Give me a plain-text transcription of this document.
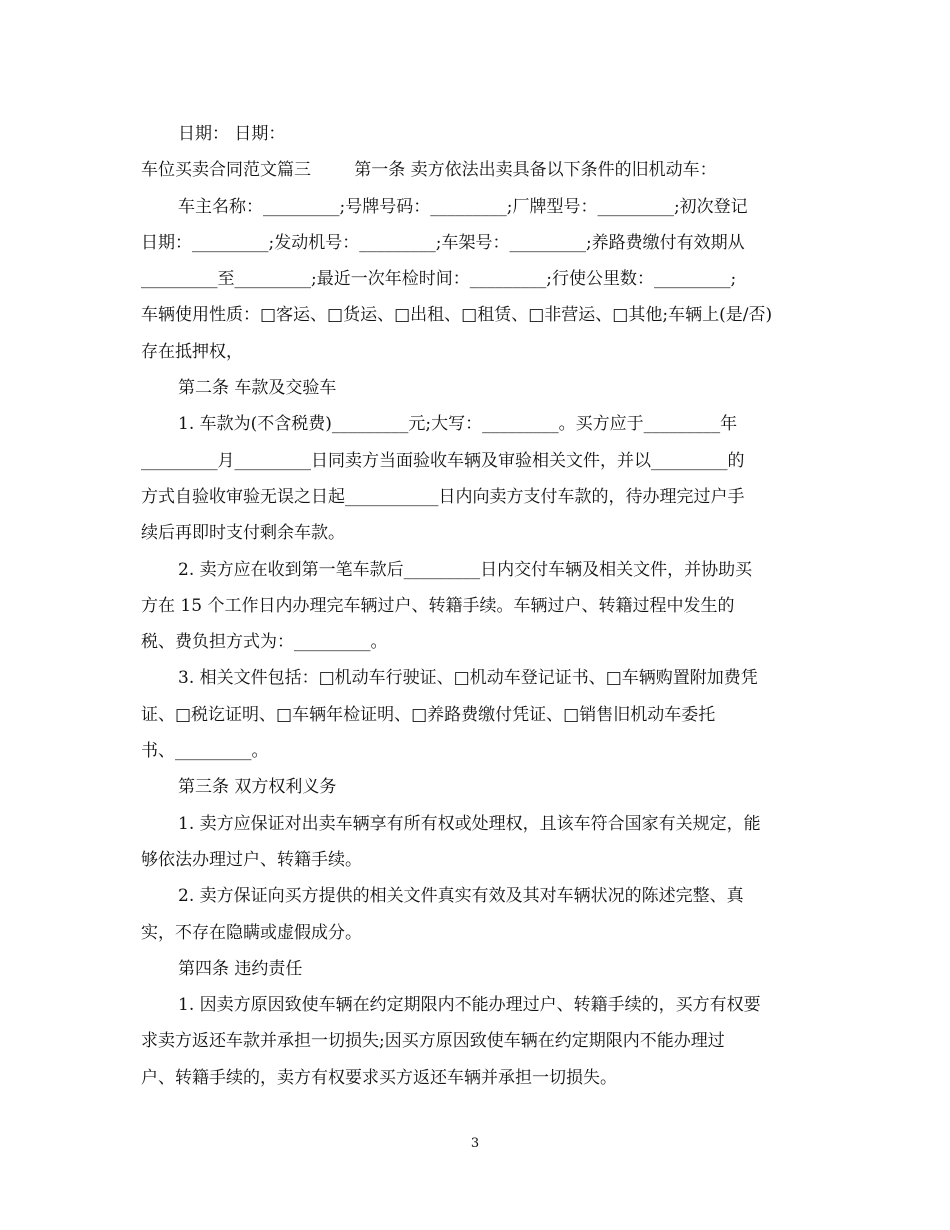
日期： 日期：
车位买卖合同范文篇三        第一条 卖方依法出卖具备以下条件的旧机动车：
车主名称：_________;号牌号码：_________;厂牌型号：_________;初次登记
日期：_________;发动机号：_________;车架号：_________;养路费缴付有效期从
_________至_________;最近一次年检时间：_________;行使公里数：_________;
车辆使用性质：□客运、□货运、□出租、□租赁、□非营运、□其他;车辆上(是/否)
存在抵押权，
第二条 车款及交验车
1. 车款为(不含税费)_________元;大写：_________。买方应于_________年
_________月_________日同卖方当面验收车辆及审验相关文件，并以_________的
方式自验收审验无误之日起___________日内向卖方支付车款的，待办理完过户手
续后再即时支付剩余车款。
2. 卖方应在收到第一笔车款后_________日内交付车辆及相关文件，并协助买
方在 15 个工作日内办理完车辆过户、转籍手续。车辆过户、转籍过程中发生的
税、费负担方式为：_________。
3. 相关文件包括：□机动车行驶证、□机动车登记证书、□车辆购置附加费凭
证、□税讫证明、□车辆年检证明、□养路费缴付凭证、□销售旧机动车委托
书、_________。
第三条 双方权利义务
1. 卖方应保证对出卖车辆享有所有权或处理权，且该车符合国家有关规定，能
够依法办理过户、转籍手续。
2. 卖方保证向买方提供的相关文件真实有效及其对车辆状况的陈述完整、真
实，不存在隐瞒或虚假成分。
第四条 违约责任
1. 因卖方原因致使车辆在约定期限内不能办理过户、转籍手续的，买方有权要
求卖方返还车款并承担一切损失;因买方原因致使车辆在约定期限内不能办理过
户、转籍手续的，卖方有权要求买方返还车辆并承担一切损失。
3
